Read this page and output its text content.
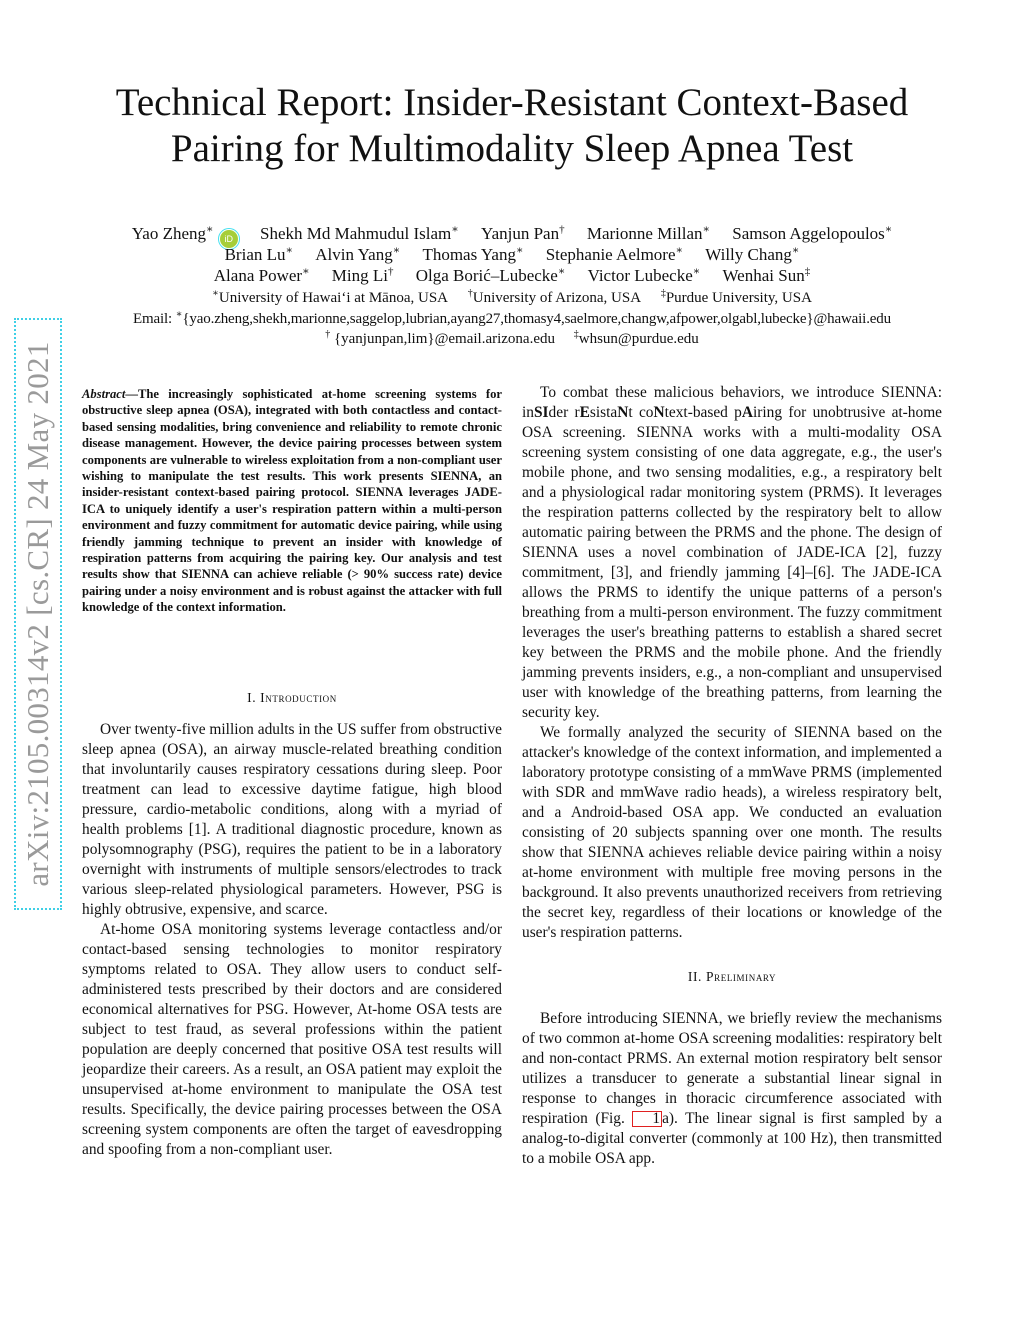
arXiv:2105.00314v2 [cs.CR] 24 May 2021
Technical Report: Insider-Resistant Context-Based
Pairing for Multimodality Sleep Apnea Test
Yao Zheng∗ iD Shekh Md Mahmudul Islam∗ Yanjun Pan† Marionne Millan∗ Samson Aggelopoulos∗
Brian Lu∗ Alvin Yang∗ Thomas Yang∗ Stephanie Aelmore∗ Willy Chang∗
Alana Power∗ Ming Li† Olga Borić–Lubecke∗ Victor Lubecke∗ Wenhai Sun‡
∗University of Hawai‘i at Mānoa, USA †University of Arizona, USA ‡Purdue University, USA
Email: ∗{yao.zheng,shekh,marionne,saggelop,lubrian,ayang27,thomasy4,saelmore,changw,afpower,olgabl,lubecke}@hawaii.edu
† {yanjunpan,lim}@email.arizona.edu ‡whsun@purdue.edu
Abstract—The increasingly sophisticated at-home screening systems for obstructive sleep apnea (OSA), integrated with both contactless and contact-based sensing modalities, bring convenience and reliability to remote chronic disease management. However, the device pairing processes between system components are vulnerable to wireless exploitation from a non-compliant user wishing to manipulate the test results. This work presents SIENNA, an insider-resistant context-based pairing protocol. SIENNA leverages JADE-ICA to uniquely identify a user's respiration pattern within a multi-person environment and fuzzy commitment for automatic device pairing, while using friendly jamming technique to prevent an insider with knowledge of respiration patterns from acquiring the pairing key. Our analysis and test results show that SIENNA can achieve reliable (> 90% success rate) device pairing under a noisy environment and is robust against the attacker with full knowledge of the context information.
I. Introduction

Over twenty-five million adults in the US suffer from obstructive sleep apnea (OSA), an airway muscle-related breathing condition that involuntarily causes respiratory cessations during sleep. Poor treatment can lead to excessive daytime fatigue, high blood pressure, cardio-metabolic conditions, along with a myriad of health problems [1]. A traditional diagnostic procedure, known as polysomnography (PSG), requires the patient to be in a laboratory overnight with instruments of multiple sensors/electrodes to track various sleep-related physiological parameters. However, PSG is highly obtrusive, expensive, and scarce.

At-home OSA monitoring systems leverage contactless and/or contact-based sensing technologies to monitor respiratory symptoms related to OSA. They allow users to conduct self-administered tests prescribed by their doctors and are considered economical alternatives for PSG. However, At-home OSA tests are subject to test fraud, as several professions within the patient population are deeply concerned that positive OSA test results will jeopardize their careers. As a result, an OSA patient may exploit the unsupervised at-home environment to manipulate the OSA test results. Specifically, the device pairing processes between the OSA screening system components are often the target of eavesdropping and spoofing from a non-compliant user.

To combat these malicious behaviors, we introduce SIENNA: inSIder rEsistaNt coNtext-based pAiring for unobtrusive at-home OSA screening. SIENNA works with a multi-modality OSA screening system consisting of one data aggregate, e.g., the user's mobile phone, and two sensing modalities, e.g., a respiratory belt and a physiological radar monitoring system (PRMS). It leverages the respiration patterns collected by the respiratory belt to allow automatic pairing between the PRMS and the phone. The design of SIENNA uses a novel combination of JADE-ICA [2], fuzzy commitment, [3], and friendly jamming [4]–[6]. The JADE-ICA allows the PRMS to identify the unique patterns of a person's breathing from a multi-person environment. The fuzzy commitment leverages the user's breathing patterns to establish a shared secret key between the PRMS and the mobile phone. And the friendly jamming prevents insiders, e.g., a non-compliant and unsupervised user with knowledge of the breathing patterns, from learning the security key.

We formally analyzed the security of SIENNA based on the attacker's knowledge of the context information, and implemented a laboratory prototype consisting of a mmWave PRMS (implemented with SDR and mmWave radio heads), a wireless respiratory belt, and a Android-based OSA app. We conducted an evaluation consisting of 20 subjects spanning over one month. The results show that SIENNA achieves reliable device pairing within a noisy at-home environment with multiple free moving persons in the background. It also prevents unauthorized receivers from retrieving the secret key, regardless of their locations or knowledge of the user's respiration patterns.

II. Preliminary

Before introducing SIENNA, we briefly review the mechanisms of two common at-home OSA screening modalities: respiratory belt and non-contact PRMS. An external motion respiratory belt sensor utilizes a transducer to generate a substantial linear signal in response to changes in thoracic circumference associated with respiration (Fig. 1 a). The linear signal is first sampled by a analog-to-digital converter (commonly at 100 Hz), then transmitted to a mobile OSA app.
